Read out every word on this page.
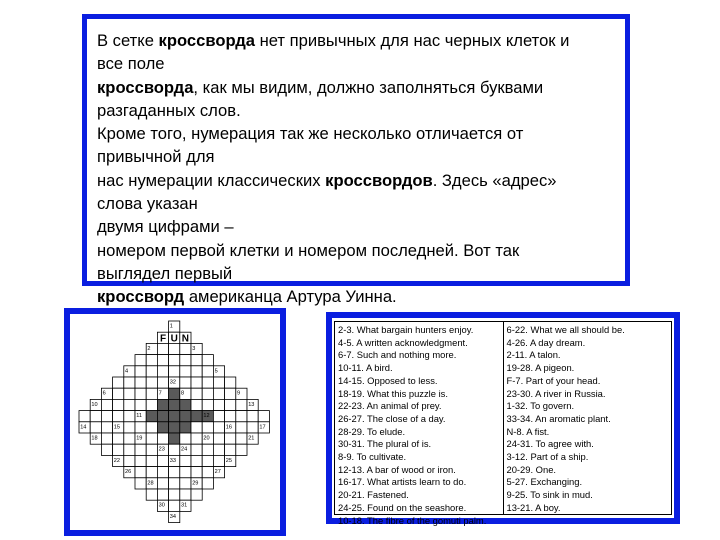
В сетке кроссворда нет привычных для нас черных клеток и
все поле
кроссворда, как мы видим, должно заполняться буквами
разгаданных слов.
Кроме того, нумерация так же несколько отличается от
привычной для
нас нумерации классических кроссвордов. Здесь «адрес»
слова указан
двумя цифрами –
номером первой клетки и номером последней. Вот так
выглядел первый
кроссворд американца Артура Уинна.
F U N
1
2	3
4	5
6	7	8	9
10
11	12
13
14	15	16	17
18	19	20	21
22
23	24
25
26	27
28	29
30	31
32
33
34
2-3. What bargain hunters enjoy.
4-5. A written acknowledgment.
6-7. Such and nothing more.
10-11. A bird.
14-15. Opposed to less.
18-19. What this puzzle is.
22-23. An animal of prey.
26-27. The close of a day.
28-29. To elude.
30-31. The plural of is.
8-9. To cultivate.
12-13. A bar of wood or iron.
16-17. What artists learn to do.
20-21. Fastened.
24-25. Found on the seashore.
10-18. The fibre of the gomuti palm.
6-22. What we all should be.
4-26. A day dream.
2-11. A talon.
19-28. A pigeon.
F-7. Part of your head.
23-30. A river in Russia.
1-32. To govern.
33-34. An aromatic plant.
N-8. A fist.
24-31. To agree with.
3-12. Part of a ship.
20-29. One.
5-27. Exchanging.
9-25. To sink in mud.
13-21. A boy.
